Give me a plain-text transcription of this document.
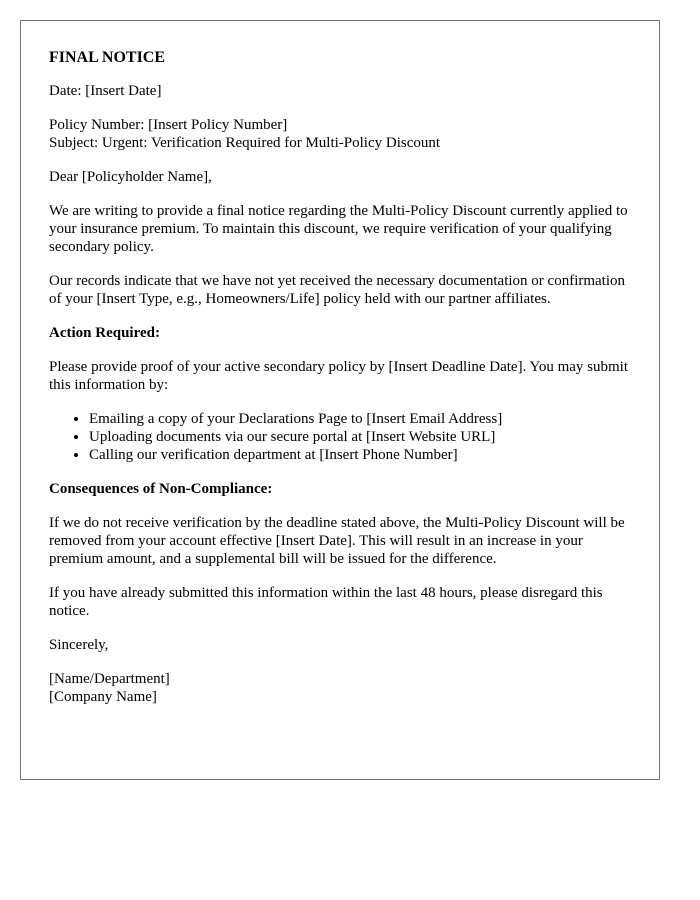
FINAL NOTICE

Date: [Insert Date]

Policy Number: [Insert Policy Number]
Subject: Urgent: Verification Required for Multi-Policy Discount

Dear [Policyholder Name],

We are writing to provide a final notice regarding the Multi-Policy Discount currently applied to your insurance premium. To maintain this discount, we require verification of your qualifying secondary policy.

Our records indicate that we have not yet received the necessary documentation or confirmation of your [Insert Type, e.g., Homeowners/Life] policy held with our partner affiliates.

Action Required:

Please provide proof of your active secondary policy by [Insert Deadline Date]. You may submit this information by:

• Emailing a copy of your Declarations Page to [Insert Email Address]
• Uploading documents via our secure portal at [Insert Website URL]
• Calling our verification department at [Insert Phone Number]
Consequences of Non-Compliance:

If we do not receive verification by the deadline stated above, the Multi-Policy Discount will be removed from your account effective [Insert Date]. This will result in an increase in your premium amount, and a supplemental bill will be issued for the difference.

If you have already submitted this information within the last 48 hours, please disregard this notice.

Sincerely,

[Name/Department]
[Company Name]
